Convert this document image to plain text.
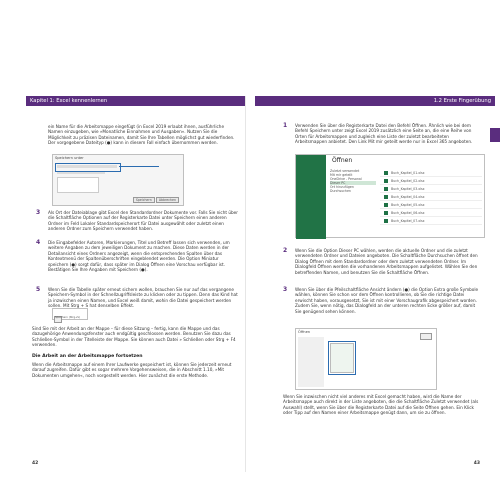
Kapitel 1: Excel kennenlernen
ein Name für die Arbeitsmappe eingefügt (in Excel 2019 erlaubt ihnen, ausführliche Namen einzugeben, wie »Monatliche Einnahmen und Ausgaben«. Nutzen Sie die Möglichkeit zu präzisen Dateinamen, damit Sie Ihre Tabellen möglichst gut wiederfinden. Der vorgegebene Dateityp (●) kann in diesem Fall einfach übernommen werden.
Speichern unter
Speichern Abbrechen
3 Als Ort der Dateiablage gibt Excel den Standardordner Dokumente vor. Falls Sie nicht über die Schaltfläche Optionen auf der Registerkarte Datei unter Speichern einen anderen Ordner im Feld Lokaler Standardspeicherort für Datei ausgewählt oder zuletzt einen anderen Ordner zum Speichern verwendet haben.
4 Die Eingabefelder Autoren, Markierungen, Titel und Betreff lassen sich verwenden, um weitere Angaben zu dem jeweiligen Dokument zu machen. Diese Daten werden in der Detailansicht eines Ordners angezeigt, wenn die entsprechenden Spalten über das Kontextmenü der Spaltenüberschriften eingeblendet werden. Die Option Miniatur speichern (●) sorgt dafür, dass später im Dialog Öffnen eine Vorschau verfügbar ist. Bestätigen Sie Ihre Angaben mit Speichern (●).
5 Wenn Sie die Tabelle später erneut sichern wollen, brauchen Sie nur auf das vergangene Speichern-Symbol in der Schnellzugriffsleiste zu klicken oder zu tippen. Denn das Kind hat ja inzwischen einen Namen, und Excel weiß damit, wohin die Datei gespeichert werden sollen. Mit Strg + S hat denselben Effekt.
Speichern (Strg+S)
Sind Sie mit der Arbeit an der Mappe – für diese Sitzung – fertig, kann die Mappe und das dazugehörige Anwendungsfenster auch endgültig geschlossen werden. Benutzen Sie dazu das Schließen-Symbol in der Titelleiste der Mappe. Sie können auch Datei » Schließen oder Strg + F4 verwenden.
Die Arbeit an der Arbeitsmappe fortsetzen
Wenn die Arbeitsmappe auf einem Ihrer Laufwerke gespeichert ist, können Sie jederzeit erneut darauf zugreifen. Dafür gibt es sogar mehrere Vorgehensweisen, die in Abschnitt 1.10, »Mit Dokumenten umgehen«, noch vorgestellt werden. Hier zunächst die erste Methode.
42
1.2 Erste Fingerübung
1 Verwenden Sie über die Registerkarte Datei den Befehl Öffnen. Ähnlich wie bei dem Befehl Speichern unter zeigt Excel 2019 zusätzlich eine Seite an, die eine Reihe von Orten für Arbeitsmappen und zugleich eine Liste der zuletzt bearbeiteten Arbeitsmappen anbietet. Den Link Mit mir geteilt werde nur in Excel 365 angeboten.
Öffnen
Zuletzt verwendet
Mit mir geteilt
OneDrive - Personal
Dieser PC
Ort hinzufügen
Durchsuchen
Buch_Kapitel_01.xlsx
Buch_Kapitel_02.xlsx
Buch_Kapitel_03.xlsx
Buch_Kapitel_04.xlsx
Buch_Kapitel_05.xlsx
Buch_Kapitel_06.xlsx
Buch_Kapitel_07.xlsx
2 Wenn Sie die Option Dieser PC wählen, werden die aktuelle Ordner und die zuletzt verwendeten Ordner und Dateien angeboten. Die Schaltfläche Durchsuchen öffnet den Dialog Öffnen mit dem Standardordner oder dem zuletzt verwendeten Ordner. Im Dialogfeld Öffnen werden die vorhandenen Arbeitsmappen aufgelistet. Wählen Sie den betreffenden Namen, und benutzen Sie die Schaltfläche Öffnen.
3 Wenn Sie über die Pfeilschaltfläche Ansicht ändern (●) die Option Extra große Symbole wählen, können Sie schon vor dem Öffnen kontrollieren, ob Sie die richtige Datei erwischt haben, vorausgesetzt, Sie ist mit einer Vorschaugrafik abgespeichert worden. Zudem Sie, wenn nötig, das Dialogfeld an der unteren rechten Ecke größer auf, damit Sie genügend sehen können.
Öffnen
Wenn Sie inzwischen nicht viel anderes mit Excel gemacht haben, wird die Name der Arbeitsmappe auch direkt in der Liste angeboten, die die Schaltfläche Zuletzt verwendet (als Auswahl) stellt, wenn Sie über die Registerkarte Datei auf die Seite Öffnen gehen. Ein Klick oder Tipp auf den Namen einer Arbeitsmappe genügt dann, um sie zu öffnen.
43
